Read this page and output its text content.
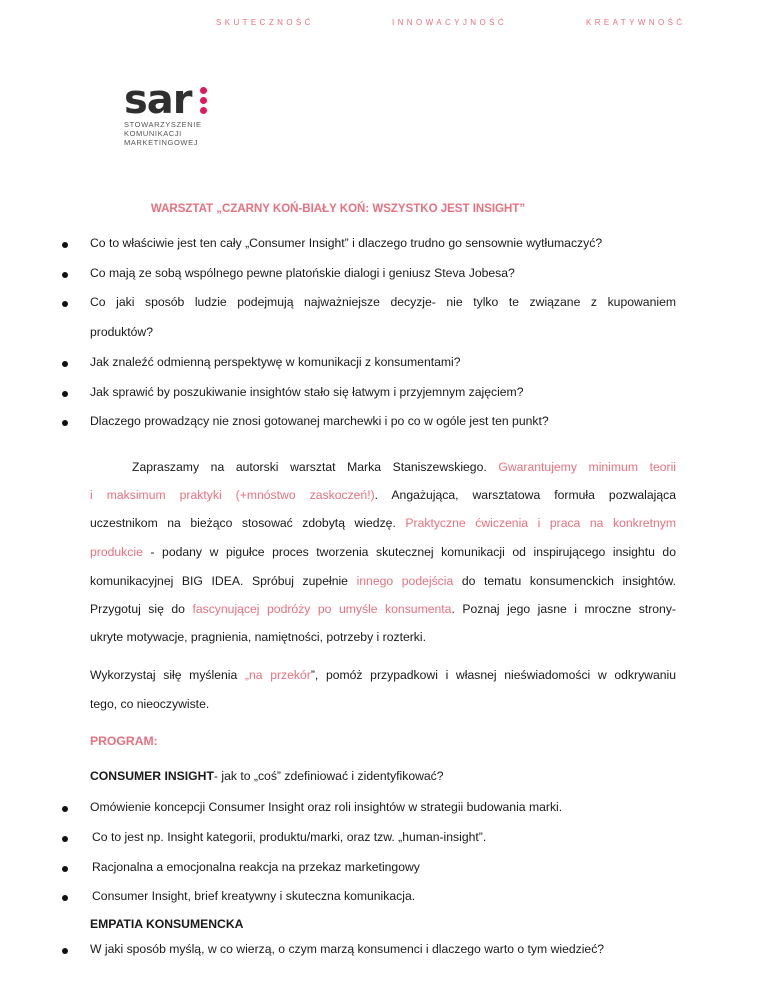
SKUTECZNOŚĆ	INNOWACYJNOŚĆ	KREATYWNOŚĆ
sar
STOWARZYSZENIE
KOMUNIKACJI
MARKETINGOWEJ
WARSZTAT „CZARNY KOŃ-BIAŁY KOŃ: WSZYSTKO JEST INSIGHT”
Co to właściwie jest ten cały „Consumer Insight” i dlaczego trudno go sensownie wytłumaczyć?
Co mają ze sobą wspólnego pewne platońskie dialogi i geniusz Steva Jobesa?
Co jaki sposób ludzie podejmują najważniejsze decyzje- nie tylko te związane z kupowaniem
produktów?
Jak znaleźć odmienną perspektywę w komunikacji z konsumentami?
Jak sprawić by poszukiwanie insightów stało się łatwym i przyjemnym zajęciem?
Dlaczego prowadzący nie znosi gotowanej marchewki i po co w ogóle jest ten punkt?
Zapraszamy na autorski warsztat Marka Staniszewskiego. Gwarantujemy minimum teorii
i maksimum praktyki (+mnóstwo zaskoczeń!). Angażująca, warsztatowa formuła pozwalająca
uczestnikom na bieżąco stosować zdobytą wiedzę. Praktyczne ćwiczenia i praca na konkretnym
produkcie - podany w pigułce proces tworzenia skutecznej komunikacji od inspirującego insightu do
komunikacyjnej BIG IDEA. Spróbuj zupełnie innego podejścia do tematu konsumenckich insightów.
Przygotuj się do fascynującej podróży po umyśle konsumenta. Poznaj jego jasne i mroczne strony-
ukryte motywacje, pragnienia, namiętności, potrzeby i rozterki.
Wykorzystaj siłę myślenia „na przekór”, pomóż przypadkowi i własnej nieświadomości w odkrywaniu
tego, co nieoczywiste.
PROGRAM:
CONSUMER INSIGHT- jak to „coś” zdefiniować i zidentyfikować?
Omówienie koncepcji Consumer Insight oraz roli insightów w strategii budowania marki.
Co to jest np. Insight kategorii, produktu/marki, oraz tzw. „human-insight”.
Racjonalna a emocjonalna reakcja na przekaz marketingowy
Consumer Insight, brief kreatywny i skuteczna komunikacja.
EMPATIA KONSUMENCKA
W jaki sposób myślą, w co wierzą, o czym marzą konsumenci i dlaczego warto o tym wiedzieć?
